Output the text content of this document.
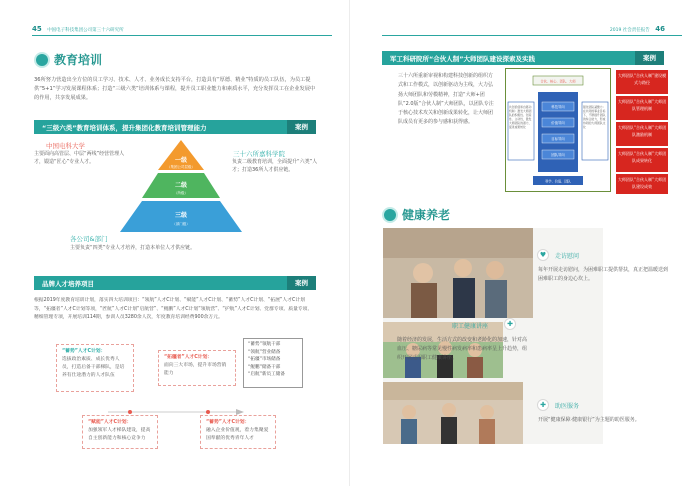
45 中国电子科技集团公司第三十六研究所
教育培训
36所努力营造出全方位的员工学习、技术、人才、业务成长支持平台，打造具有“厚德、精业”特质的员工队伍，为员工提供“5+1”学习发展课程体系；打造“三级六类”培训体系与课程，提升员工职业能力和素质水平，充分发挥员工在企业发展中的作用，共享发展成果。
“三级六类”教育培训体系，提升集团化教育培训管理能力	案例
中国电科大学
主要面向高管层、中层“两线”经营管理人才，锻造“匠心”专业人才。
三十六所嘉科学院
负责二级教育培训，全面提升“六类”人才；打造36所人才供应链。
一级
（集团公司层级）
二级
（所级）
三级
（部门级）
各公司&部门
主要负责“四类”专业人才培养，打造本单位人才供应链。
品牌人才培养项目	案例
根据2019年度教育培训计划，落实四大培训项目：“领航”人才C计划、“赋能”人才C计划、“蓄势”人才C计划、“拓展”人才C计划等，“拓疆者”人才C计划等项，“匠航”人才C计划“启航营”、“鲲鹏”人才C计划“领航营”、“护航”人才C计划、党群专项、质量专项、精细管理专项，开展培训114期，参训人员3280余人次，年度教育培训经费900余万元。
“蓄势”人才C计划：
选拔政治素质、成长优秀人员，打造后备干部梯队，是培养有仕途潜力的人才队伍
“拓疆者”人才C计划：
面向三大市场，提升市场营销能力
“蓄势”领航干部
“领航”营业储备
“拓疆”市场储备
“鲲鹏”储备干部
“启航”新员工储备
“赋能”人才C计划：
加强领军人才梯队建设，提高自主创新能力和核心竞争力
“蓄势”人才C计划：
融入企业价值观，着力集聚爱国奉献的优秀青年人才
2019 社会责任报告 46
军工科研院所“合伙人制”大师团队建设探索及实践	案例
三十六所重新审视和构建科技创新的组织方式和工作模式，以创新驱动为主线，大力弘扬大师团队和劳模精神，打造“大师+团队”2.0版“合伙人制”大师团队，以团队专注于核心技术攻关和创新成果转化，让大师团队成员有更多的参与感和获得感。
合伙、核心、团队、大师
科技导向
价值导向
目标导向
团队导向
科学、价值、团队
共创价值和自驱动机制：激发大师团队的积极性、创造性、主动性，激发大师团队的潜力，促进成果转化
强化团队凝聚力：在共同的事业目标下，不断提升团队的综合能力，形成协同的大师团队文化
大师团队“合伙人制”建设模式与路径
大师团队“合伙人制”大师团队管理机制
大师团队“合伙人制”大师团队激励机制
大师团队“合伙人制”大师团队成果转化
大师团队“合伙人制”大师团队建设成效
健康养老
♥	走访慰问
每年开展走访慰问，为困难职工提供帮扶，真正把温暖送到困难职工的身边心坎上。
职工健康讲座	✚
随着经济的发展，生活方式的改变和老龄化的加速，针对高血压、糖尿病等常见慢性病发病率和患病率呈上升趋势，组织开展适用职工健康讲座。
✚	助医服务
开展“健康保障·健康银行”为主题的助医服务。
